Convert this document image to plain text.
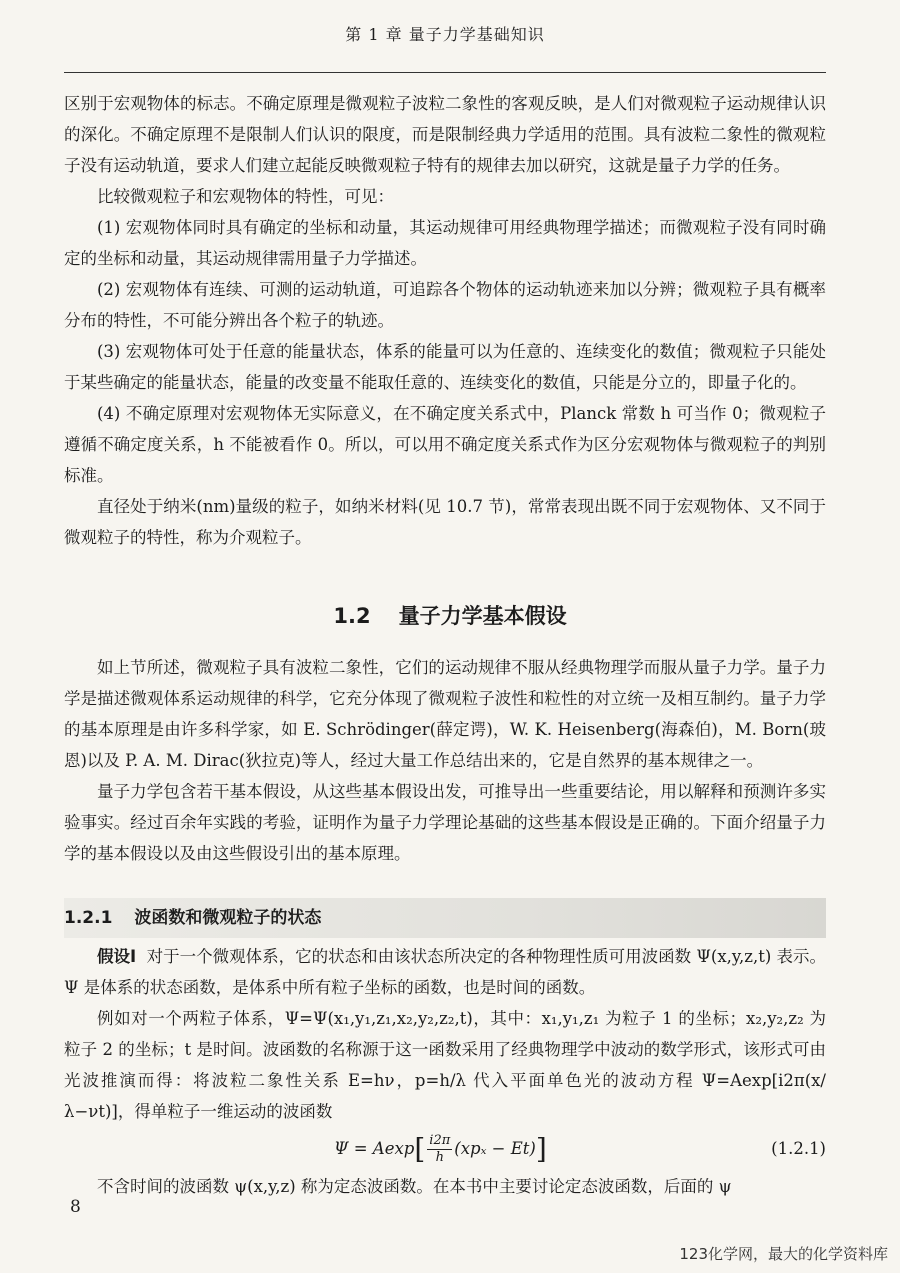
第 1 章 量子力学基础知识

区别于宏观物体的标志。不确定原理是微观粒子波粒二象性的客观反映，是人们对微观粒子运动规律认识的深化。不确定原理不是限制人们认识的限度，而是限制经典力学适用的范围。具有波粒二象性的微观粒子没有运动轨道，要求人们建立起能反映微观粒子特有的规律去加以研究，这就是量子力学的任务。

比较微观粒子和宏观物体的特性，可见：

(1) 宏观物体同时具有确定的坐标和动量，其运动规律可用经典物理学描述；而微观粒子没有同时确定的坐标和动量，其运动规律需用量子力学描述。

(2) 宏观物体有连续、可测的运动轨道，可追踪各个物体的运动轨迹来加以分辨；微观粒子具有概率分布的特性，不可能分辨出各个粒子的轨迹。

(3) 宏观物体可处于任意的能量状态，体系的能量可以为任意的、连续变化的数值；微观粒子只能处于某些确定的能量状态，能量的改变量不能取任意的、连续变化的数值，只能是分立的，即量子化的。

(4) 不确定原理对宏观物体无实际意义，在不确定度关系式中，Planck 常数 h 可当作 0；微观粒子遵循不确定度关系，h 不能被看作 0。所以，可以用不确定度关系式作为区分宏观物体与微观粒子的判别标准。

直径处于纳米(nm)量级的粒子，如纳米材料(见 10.7 节)，常常表现出既不同于宏观物体、又不同于微观粒子的特性，称为介观粒子。

1.2 量子力学基本假设

如上节所述，微观粒子具有波粒二象性，它们的运动规律不服从经典物理学而服从量子力学。量子力学是描述微观体系运动规律的科学，它充分体现了微观粒子波性和粒性的对立统一及相互制约。量子力学的基本原理是由许多科学家，如 E. Schrödinger(薛定谔)，W. K. Heisenberg(海森伯)，M. Born(玻恩)以及 P. A. M. Dirac(狄拉克)等人，经过大量工作总结出来的，它是自然界的基本规律之一。

量子力学包含若干基本假设，从这些基本假设出发，可推导出一些重要结论，用以解释和预测许多实验事实。经过百余年实践的考验，证明作为量子力学理论基础的这些基本假设是正确的。下面介绍量子力学的基本假设以及由这些假设引出的基本原理。

1.2.1 波函数和微观粒子的状态

假设Ⅰ 对于一个微观体系，它的状态和由该状态所决定的各种物理性质可用波函数 Ψ(x,y,z,t) 表示。Ψ 是体系的状态函数，是体系中所有粒子坐标的函数，也是时间的函数。

例如对一个两粒子体系，Ψ=Ψ(x₁,y₁,z₁,x₂,y₂,z₂,t)，其中：x₁,y₁,z₁ 为粒子 1 的坐标；x₂,y₂,z₂ 为粒子 2 的坐标；t 是时间。波函数的名称源于这一函数采用了经典物理学中波动的数学形式，该形式可由光波推演而得：将波粒二象性关系 E=hν，p=h/λ 代入平面单色光的波动方程 Ψ=Aexp[i2π(x/λ−νt)]，得单粒子一维运动的波函数

$\Psi = Aexp[ \frac{i2\pi}{h} (xp_x - Et)]$	(1.2.1)

不含时间的波函数 ψ(x,y,z) 称为定态波函数。在本书中主要讨论定态波函数，后面的 ψ

8
123化学网，最大的化学资料库
